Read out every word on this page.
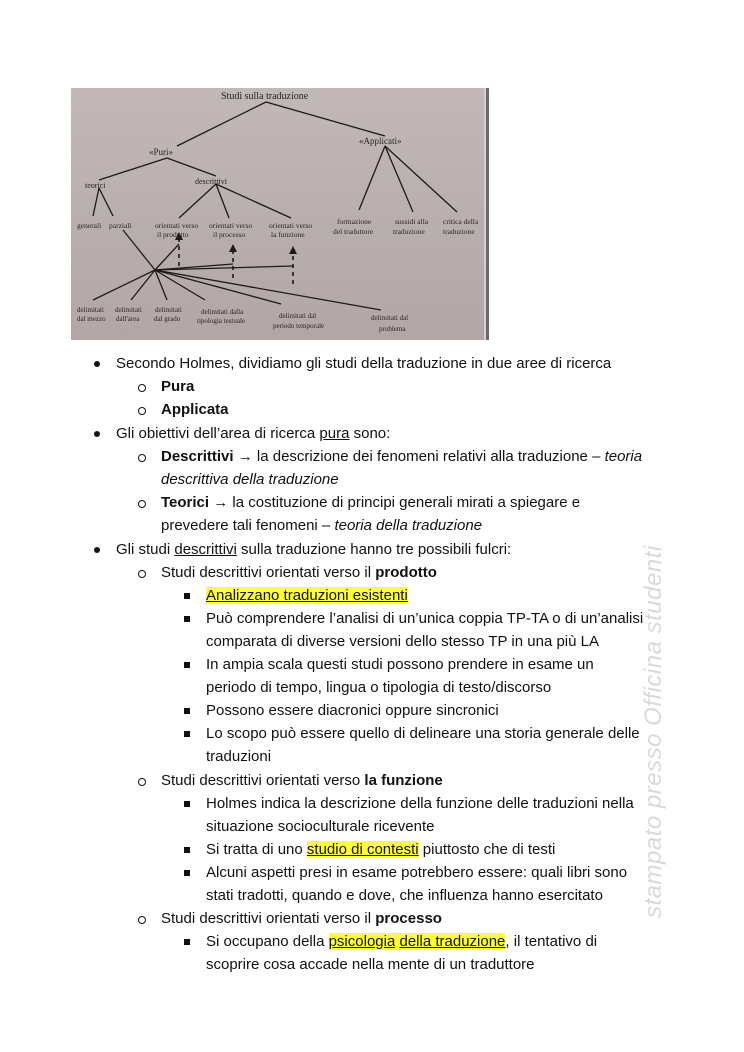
Studi sulla traduzione
«Puri»
«Applicati»
teorici	descrittivi
generali parziali	orientati verso
il prodotto
orientati verso
il processo
orientati verso
la funzione
formazione
del traduttore
sussidi alla
traduzione
critica della
traduzione
delimitati
dal mezzo
delimitati
dall'area
delimitati
dal grado
delimitati dalla
tipologia testuale
delimitati dal
periodo temporale
delimitati dal
problema
Secondo Holmes, dividiamo gli studi della traduzione in due aree di ricerca
Pura
Applicata
Gli obiettivi dell’area di ricerca pura sono:
Descrittivi → la descrizione dei fenomeni relativi alla traduzione – teoria
descrittiva della traduzione
Teorici → la costituzione di principi generali mirati a spiegare e
prevedere tali fenomeni – teoria della traduzione
Gli studi descrittivi sulla traduzione hanno tre possibili fulcri:
Studi descrittivi orientati verso il prodotto
Analizzano traduzioni esistenti
Può comprendere l’analisi di un’unica coppia TP-TA o di un’analisi
comparata di diverse versioni dello stesso TP in una più LA
In ampia scala questi studi possono prendere in esame un
periodo di tempo, lingua o tipologia di testo/discorso
Possono essere diacronici oppure sincronici
Lo scopo può essere quello di delineare una storia generale delle
traduzioni
Studi descrittivi orientati verso la funzione
Holmes indica la descrizione della funzione delle traduzioni nella
situazione socioculturale ricevente
Si tratta di uno studio di contesti piuttosto che di testi
Alcuni aspetti presi in esame potrebbero essere: quali libri sono
stati tradotti, quando e dove, che influenza hanno esercitato
Studi descrittivi orientati verso il processo
Si occupano della psicologia della traduzione, il tentativo di
scoprire cosa accade nella mente di un traduttore
stampato presso Officina studenti
